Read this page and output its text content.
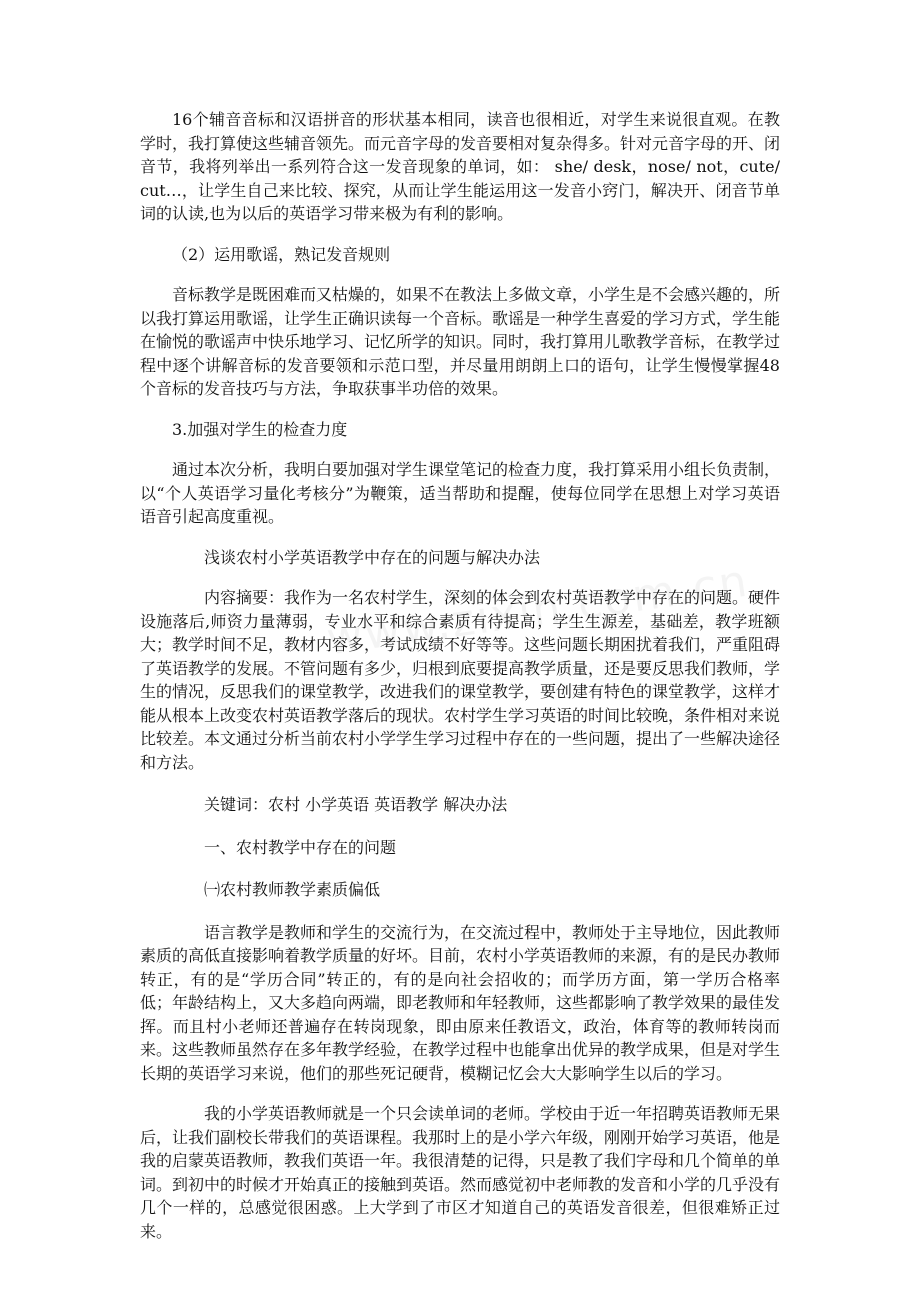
16个辅音音标和汉语拼音的形状基本相同，读音也很相近，对学生来说很直观。在教学时，我打算使这些辅音领先。而元音字母的发音要相对复杂得多。针对元音字母的开、闭音节，我将列举出一系列符合这一发音现象的单词，如： she/ desk，nose/ not，cute/ cut…，让学生自己来比较、探究，从而让学生能运用这一发音小窍门，解决开、闭音节单词的认读,也为以后的英语学习带来极为有利的影响。

（2）运用歌谣，熟记发音规则

音标教学是既困难而又枯燥的，如果不在教法上多做文章，小学生是不会感兴趣的，所以我打算运用歌谣，让学生正确识读每一个音标。歌谣是一种学生喜爱的学习方式，学生能在愉悦的歌谣声中快乐地学习、记忆所学的知识。同时，我打算用儿歌教学音标，在教学过程中逐个讲解音标的发音要领和示范口型，并尽量用朗朗上口的语句，让学生慢慢掌握48个音标的发音技巧与方法，争取获事半功倍的效果。

3.加强对学生的检查力度

通过本次分析，我明白要加强对学生课堂笔记的检查力度，我打算采用小组长负责制，以“个人英语学习量化考核分”为鞭策，适当帮助和提醒，使每位同学在思想上对学习英语语音引起高度重视。

浅谈农村小学英语教学中存在的问题与解决办法

内容摘要：我作为一名农村学生，深刻的体会到农村英语教学中存在的问题。硬件设施落后,师资力量薄弱，专业水平和综合素质有待提高；学生生源差，基础差，教学班额大；教学时间不足，教材内容多，考试成绩不好等等。这些问题长期困扰着我们，严重阻碍了英语教学的发展。不管问题有多少，归根到底要提高教学质量，还是要反思我们教师，学生的情况，反思我们的课堂教学，改进我们的课堂教学，要创建有特色的课堂教学，这样才能从根本上改变农村英语教学落后的现状。农村学生学习英语的时间比较晚，条件相对来说比较差。本文通过分析当前农村小学学生学习过程中存在的一些问题，提出了一些解决途径和方法。

关键词：农村 小学英语 英语教学 解决办法

一、农村教学中存在的问题

㈠农村教师教学素质偏低

语言教学是教师和学生的交流行为，在交流过程中，教师处于主导地位，因此教师素质的高低直接影响着教学质量的好坏。目前，农村小学英语教师的来源，有的是民办教师转正，有的是“学历合同”转正的，有的是向社会招收的；而学历方面，第一学历合格率低；年龄结构上，又大多趋向两端，即老教师和年轻教师，这些都影响了教学效果的最佳发挥。而且村小老师还普遍存在转岗现象，即由原来任教语文，政治，体育等的教师转岗而来。这些教师虽然存在多年教学经验，在教学过程中也能拿出优异的教学成果，但是对学生长期的英语学习来说，他们的那些死记硬背，模糊记忆会大大影响学生以后的学习。

我的小学英语教师就是一个只会读单词的老师。学校由于近一年招聘英语教师无果后，让我们副校长带我们的英语课程。我那时上的是小学六年级，刚刚开始学习英语，他是我的启蒙英语教师，教我们英语一年。我很清楚的记得，只是教了我们字母和几个简单的单词。到初中的时候才开始真正的接触到英语。然而感觉初中老师教的发音和小学的几乎没有几个一样的，总感觉很困惑。上大学到了市区才知道自己的英语发音很差，但很难矫正过来。
